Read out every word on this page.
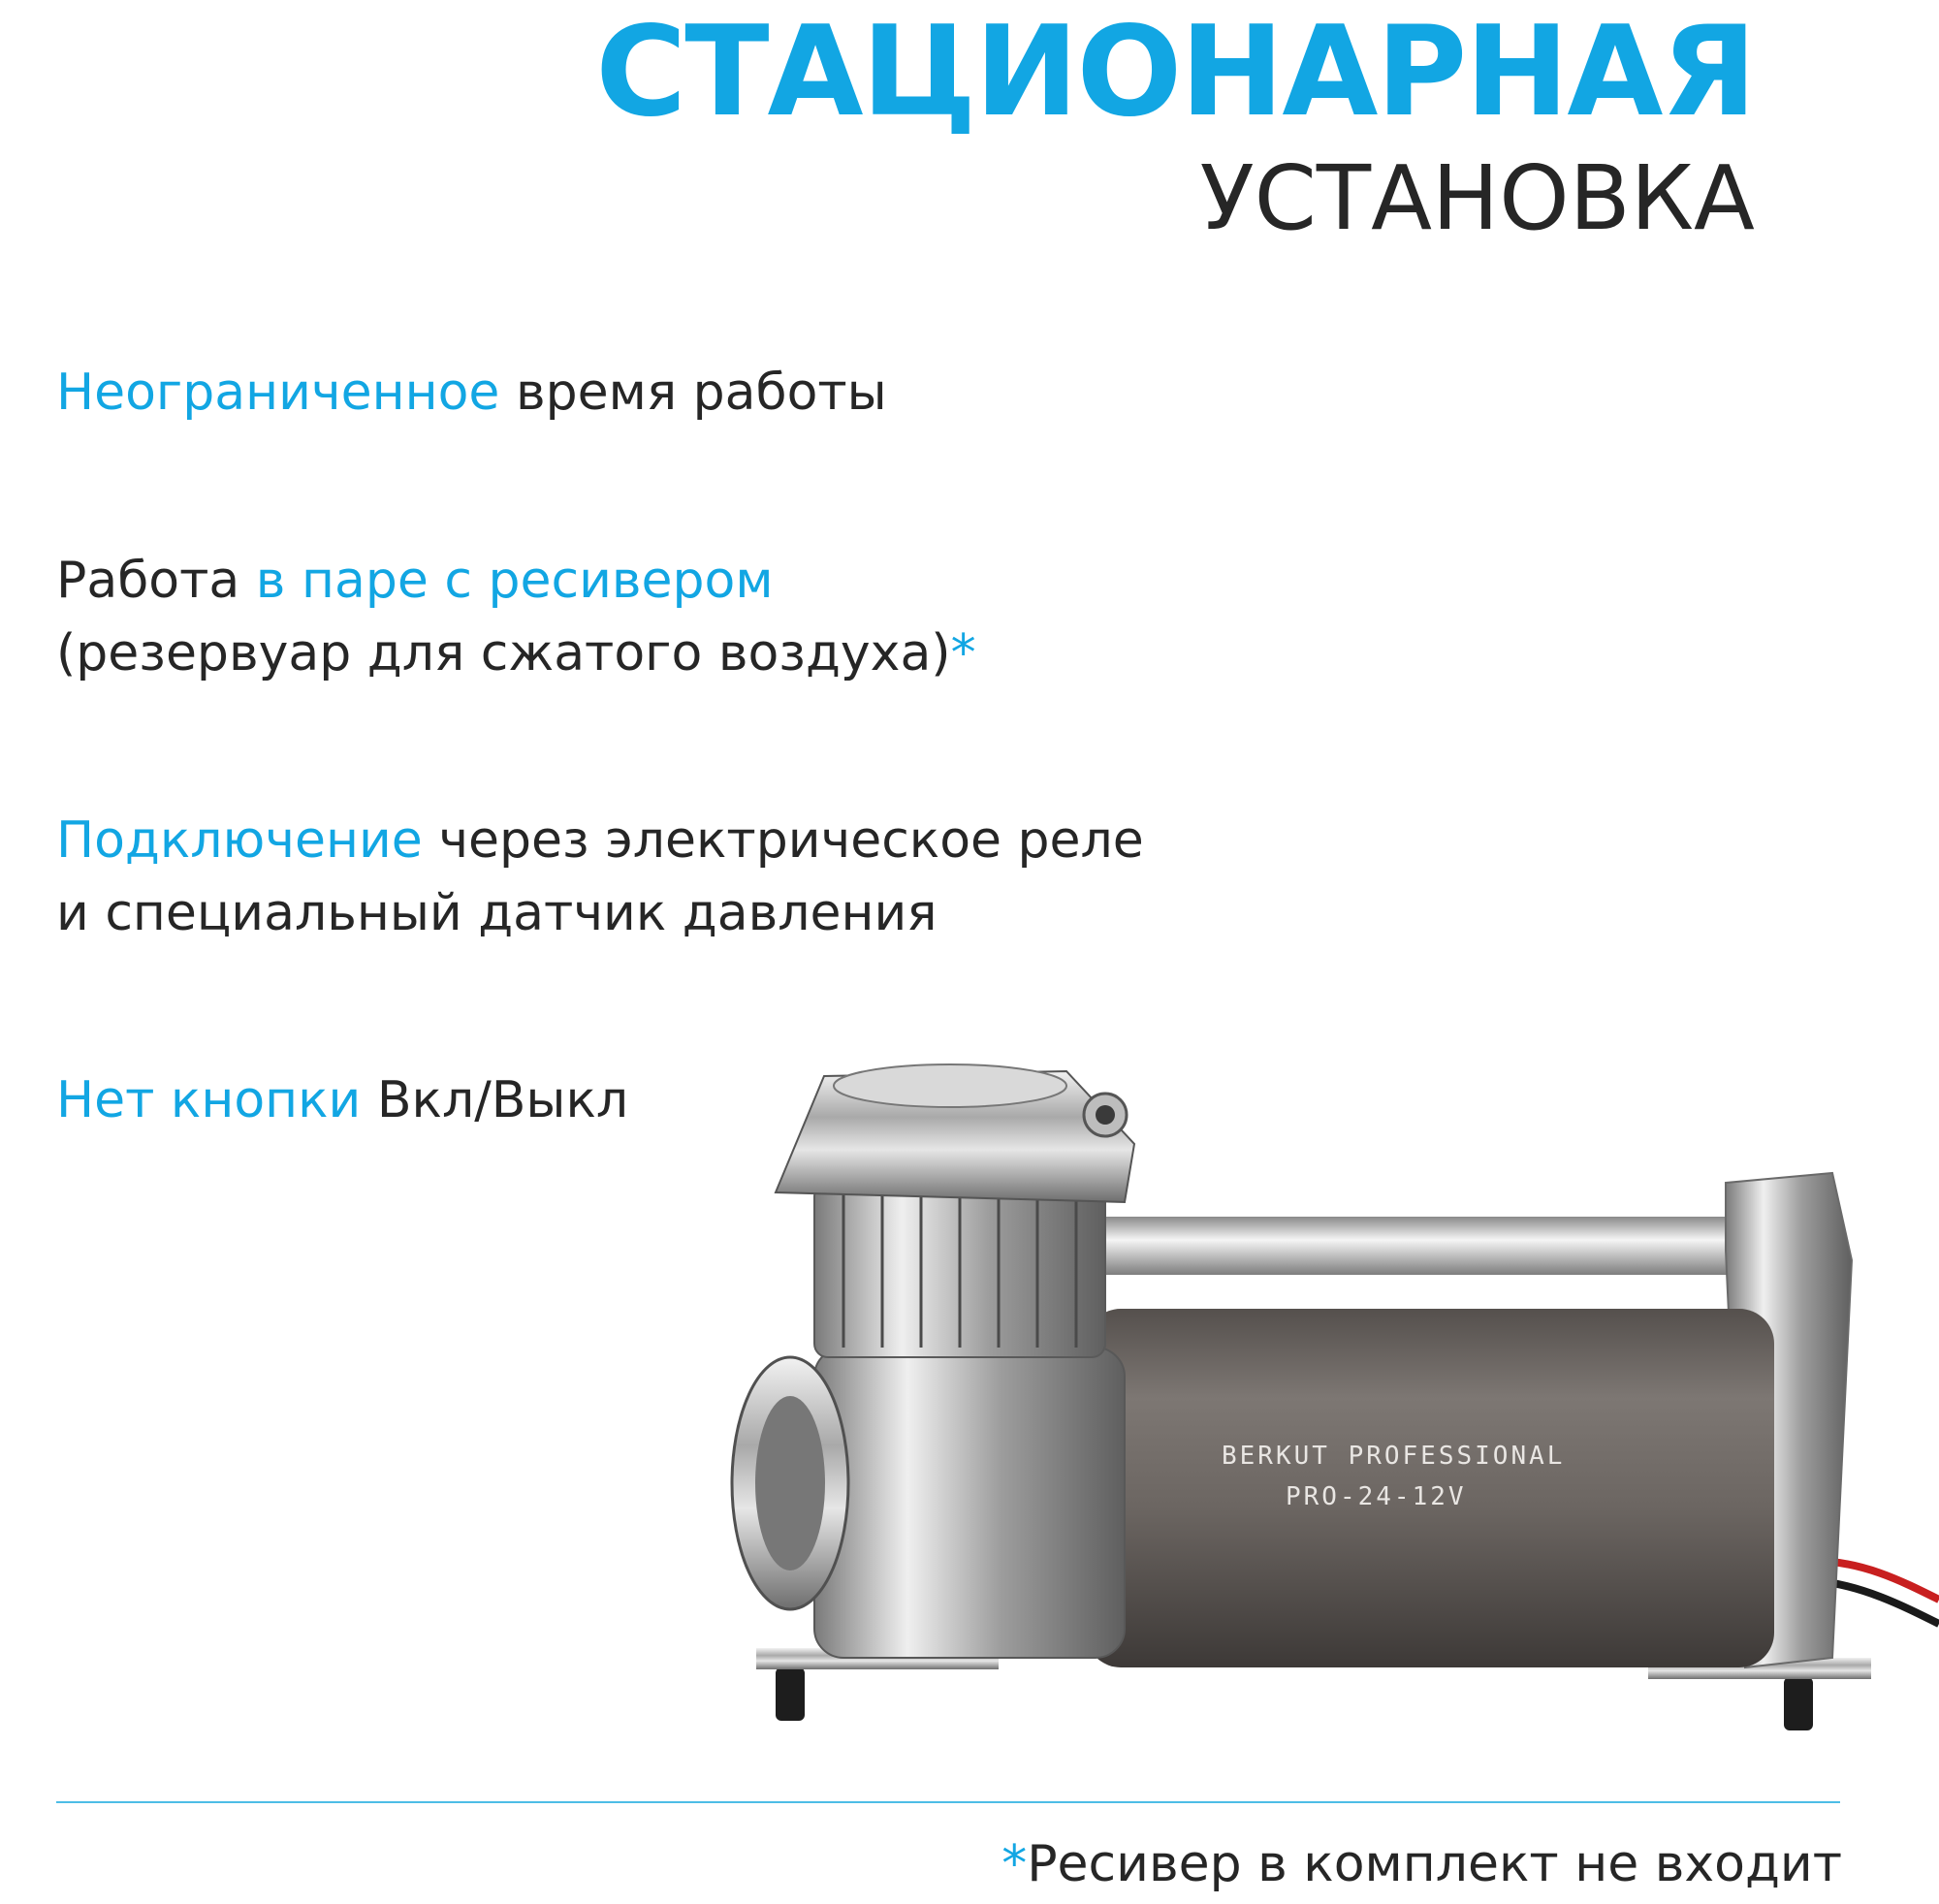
СТАЦИОНАРНАЯ
УСТАНОВКА
Неограниченное время работы
Работа в паре с ресивером
(резервуар для сжатого воздуха)*
Подключение через электрическое реле
и специальный датчик давления
Нет кнопки Вкл/Выкл
BERKUT PROFESSIONAL
PRO-24-12V
*Ресивер в комплект не входит
